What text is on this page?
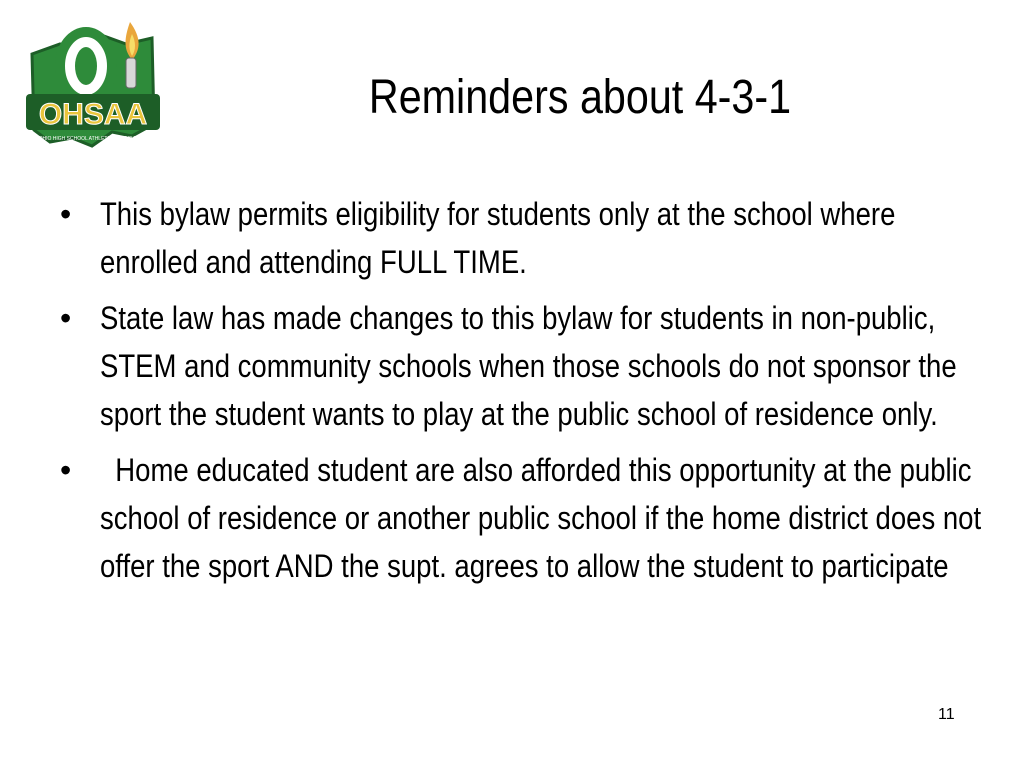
OHSAA
OHIO HIGH SCHOOL ATHLETIC ASSOCIATION
Reminders about 4-3-1
• This bylaw permits eligibility for students only at the school where enrolled and attending FULL TIME.
• State law has made changes to this bylaw for students in non-public, STEM and community schools when those schools do not sponsor the sport the student wants to play at the public school of residence only.
• Home educated student are also afforded this opportunity at the public school of residence or another public school if the home district does not offer the sport AND the supt. agrees to allow the student to participate
11
